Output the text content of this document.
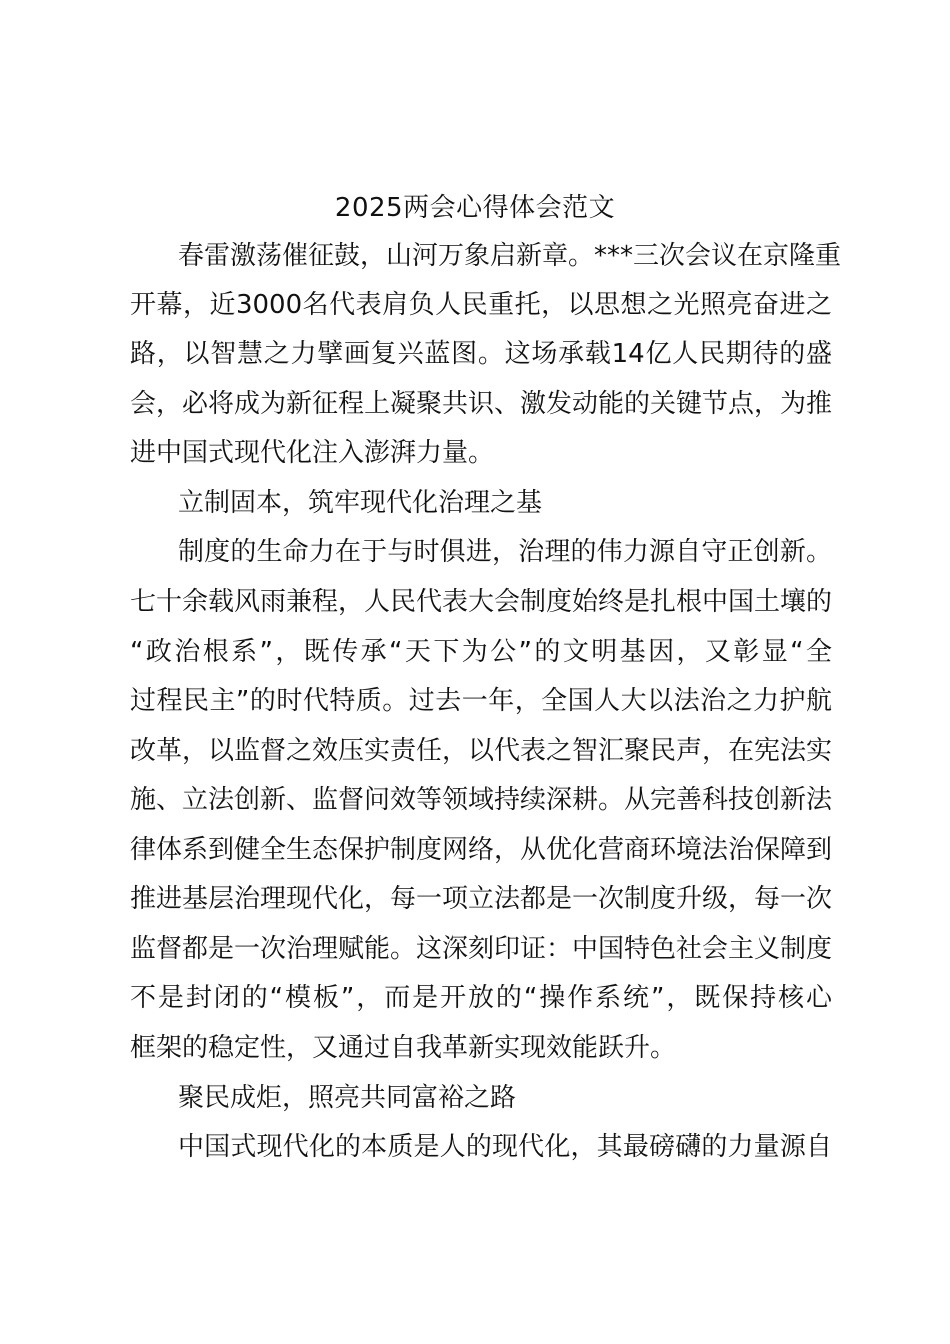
2025两会心得体会范文
春雷激荡催征鼓，山河万象启新章。***三次会议在京隆重
开幕，近3000名代表肩负人民重托，以思想之光照亮奋进之
路，以智慧之力擘画复兴蓝图。这场承载14亿人民期待的盛
会，必将成为新征程上凝聚共识、激发动能的关键节点，为推
进中国式现代化注入澎湃力量。
立制固本，筑牢现代化治理之基
制度的生命力在于与时俱进，治理的伟力源自守正创新。
七十余载风雨兼程，人民代表大会制度始终是扎根中国土壤的
“政治根系”，既传承“天下为公”的文明基因，又彰显“全
过程民主”的时代特质。过去一年，全国人大以法治之力护航
改革，以监督之效压实责任，以代表之智汇聚民声，在宪法实
施、立法创新、监督问效等领域持续深耕。从完善科技创新法
律体系到健全生态保护制度网络，从优化营商环境法治保障到
推进基层治理现代化，每一项立法都是一次制度升级，每一次
监督都是一次治理赋能。这深刻印证：中国特色社会主义制度
不是封闭的“模板”，而是开放的“操作系统”，既保持核心
框架的稳定性，又通过自我革新实现效能跃升。
聚民成炬，照亮共同富裕之路
中国式现代化的本质是人的现代化，其最磅礴的力量源自
